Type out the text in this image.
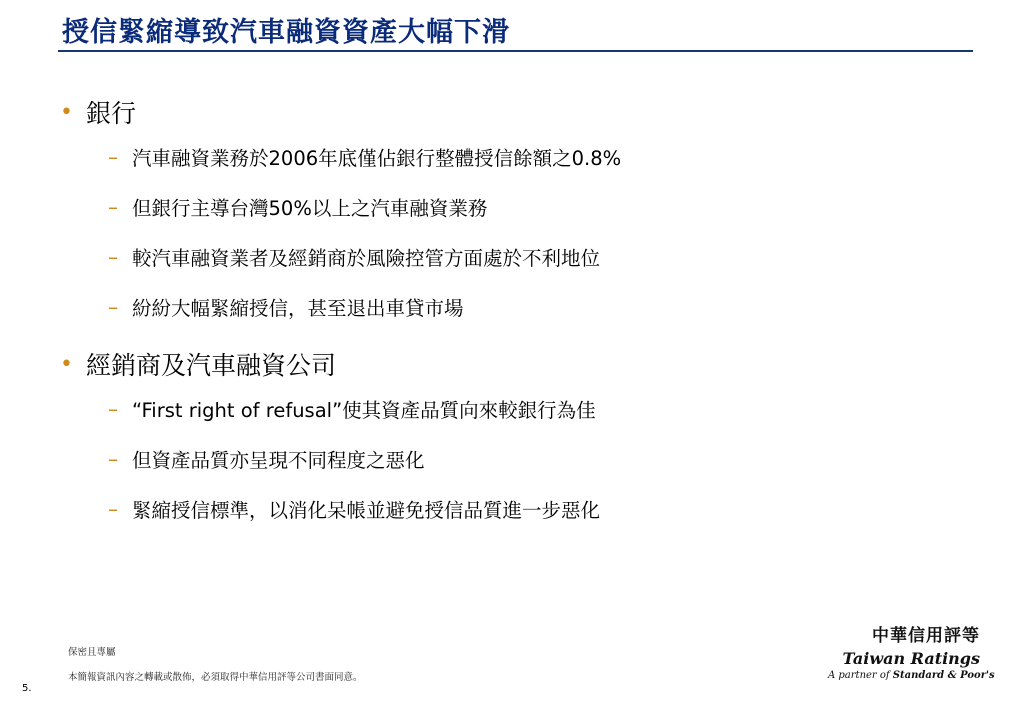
授信緊縮導致汽車融資資產大幅下滑
• 銀行
– 汽車融資業務於2006年底僅佔銀行整體授信餘額之0.8%
– 但銀行主導台灣50%以上之汽車融資業務
– 較汽車融資業者及經銷商於風險控管方面處於不利地位
– 紛紛大幅緊縮授信，甚至退出車貸市場
• 經銷商及汽車融資公司
– “First right of refusal”使其資產品質向來較銀行為佳
– 但資產品質亦呈現不同程度之惡化
– 緊縮授信標準，以消化呆帳並避免授信品質進一步惡化
保密且專屬
本簡報資訊內容之轉載或散佈，必須取得中華信用評等公司書面同意。
5.
中華信用評等
Taiwan Ratings
A partner of Standard & Poor's
